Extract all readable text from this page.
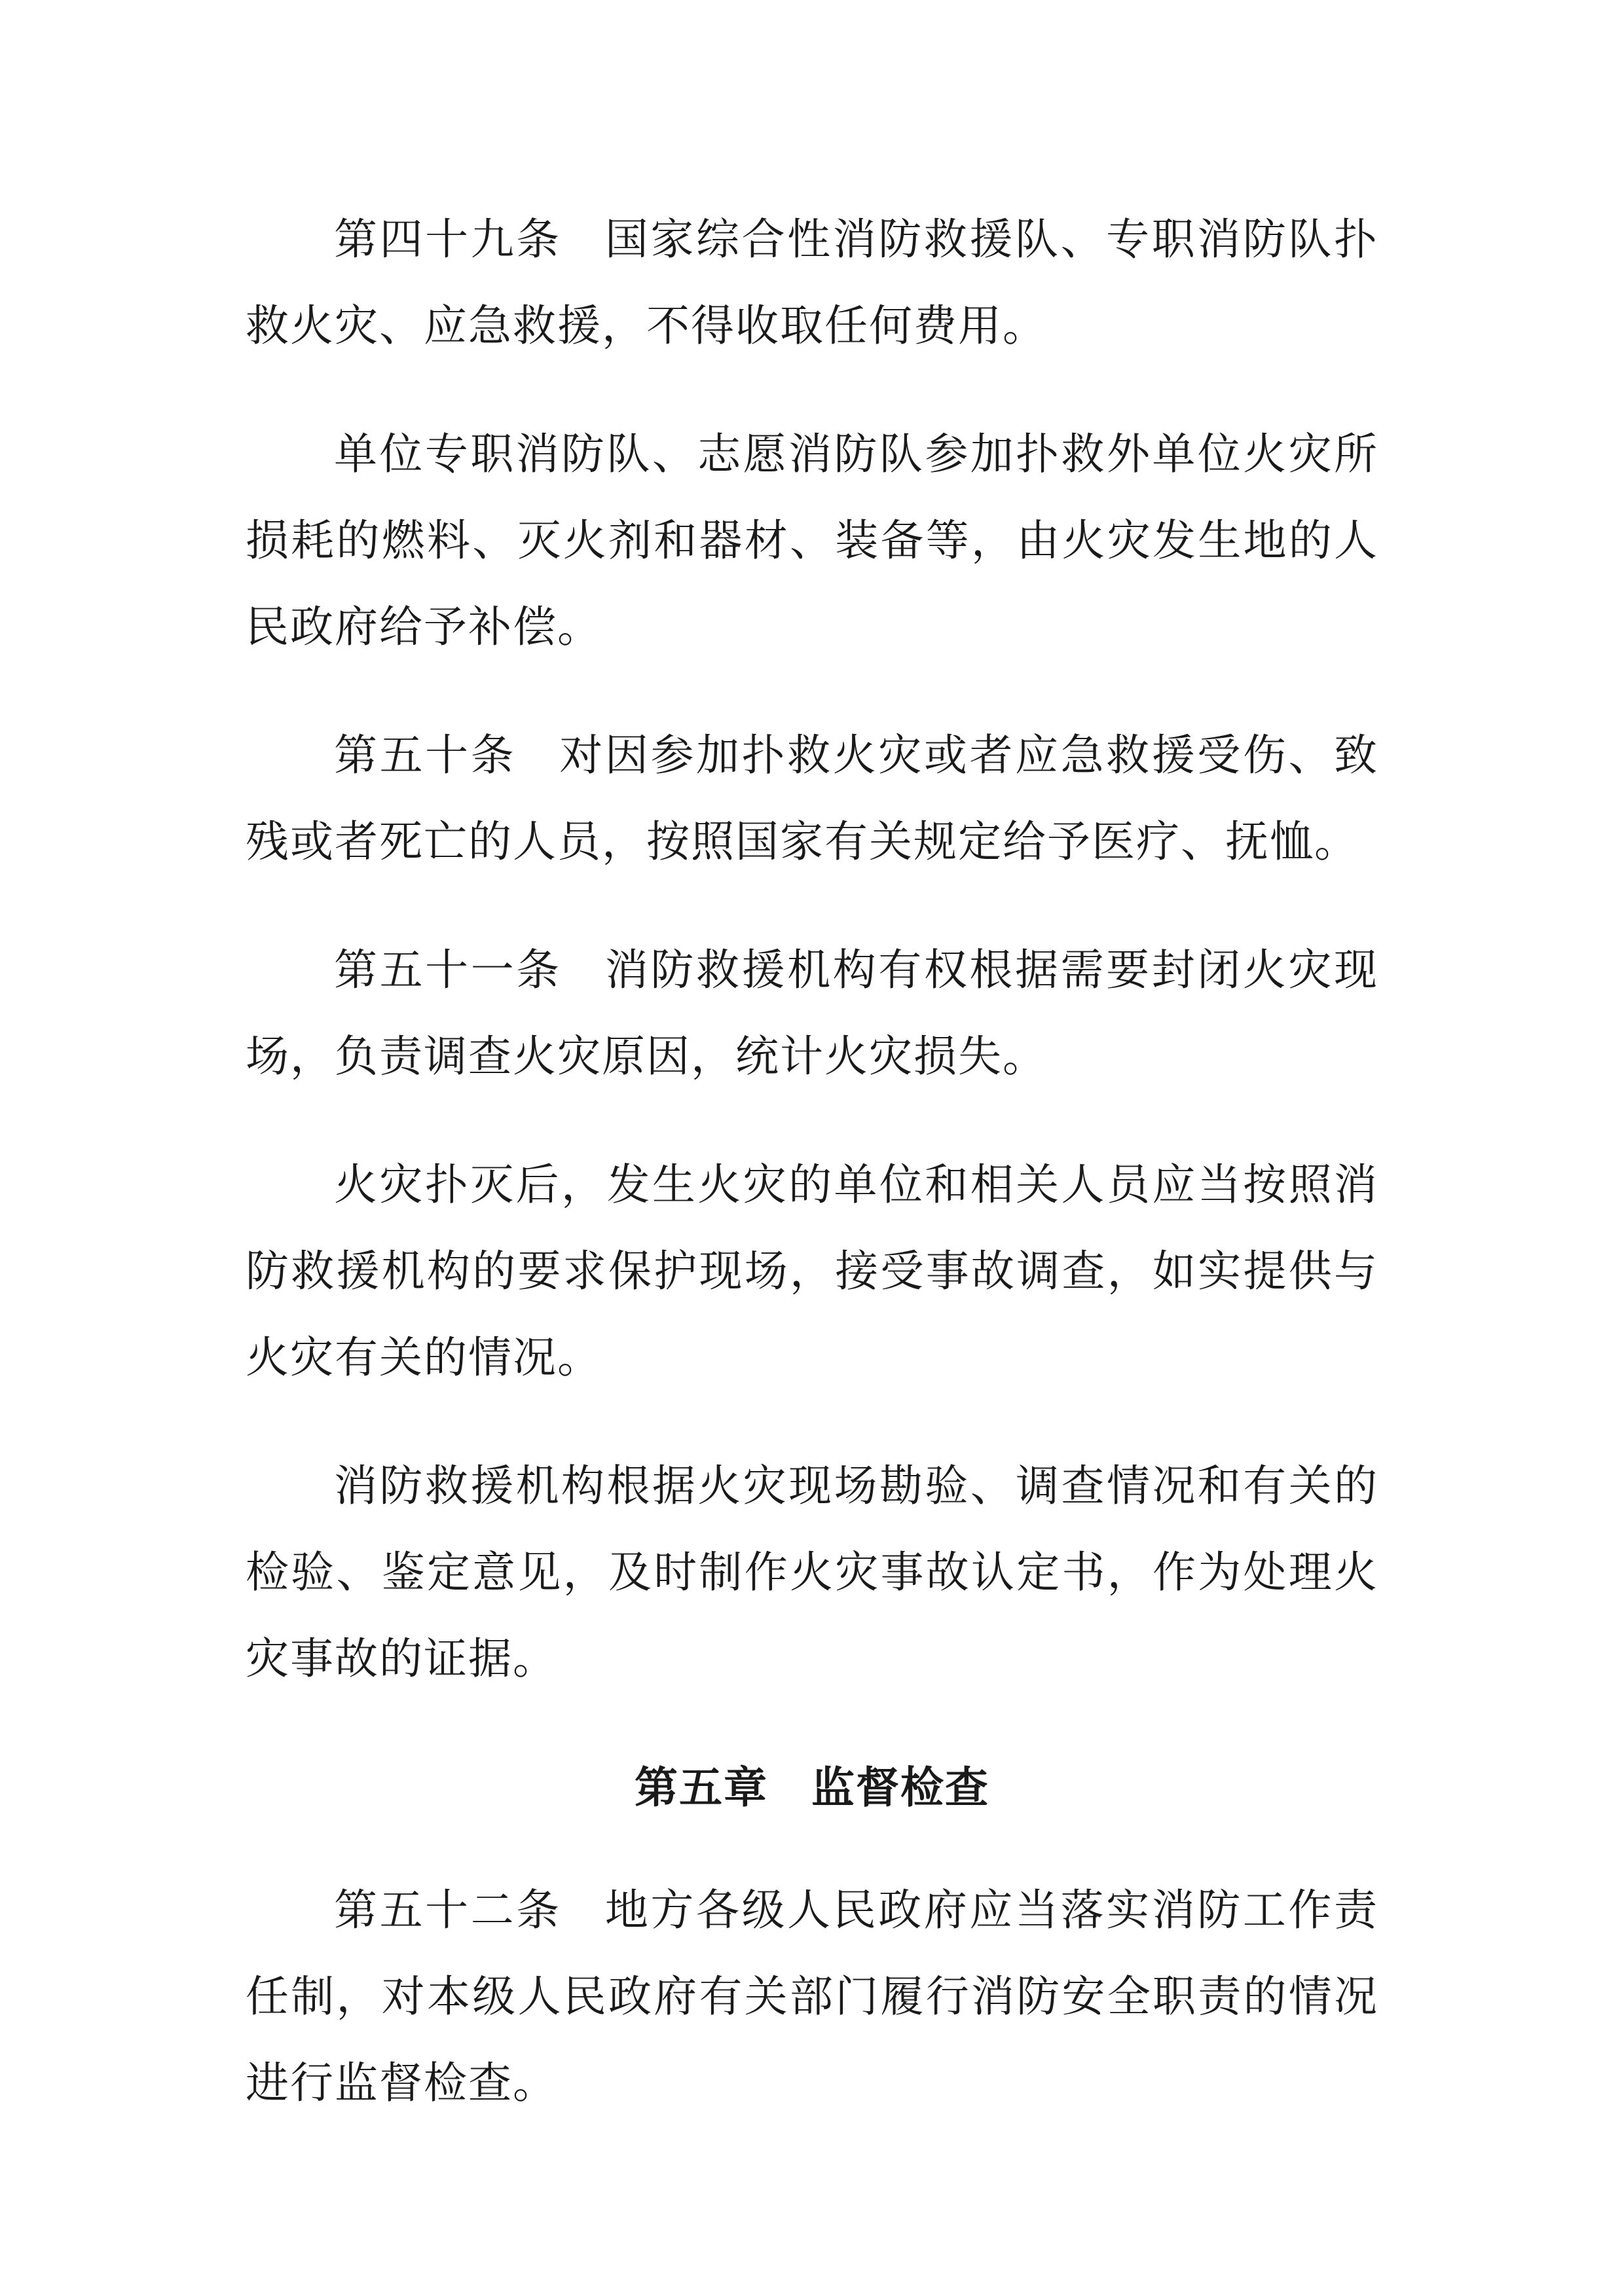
第四十九条 国家综合性消防救援队、专职消防队扑救火灾、应急救援，不得收取任何费用。

单位专职消防队、志愿消防队参加扑救外单位火灾所损耗的燃料、灭火剂和器材、装备等，由火灾发生地的人民政府给予补偿。

第五十条 对因参加扑救火灾或者应急救援受伤、致残或者死亡的人员，按照国家有关规定给予医疗、抚恤。

第五十一条 消防救援机构有权根据需要封闭火灾现场，负责调查火灾原因，统计火灾损失。

火灾扑灭后，发生火灾的单位和相关人员应当按照消防救援机构的要求保护现场，接受事故调查，如实提供与火灾有关的情况。

消防救援机构根据火灾现场勘验、调查情况和有关的检验、鉴定意见，及时制作火灾事故认定书，作为处理火灾事故的证据。

第五章 监督检查

第五十二条 地方各级人民政府应当落实消防工作责任制，对本级人民政府有关部门履行消防安全职责的情况进行监督检查。
